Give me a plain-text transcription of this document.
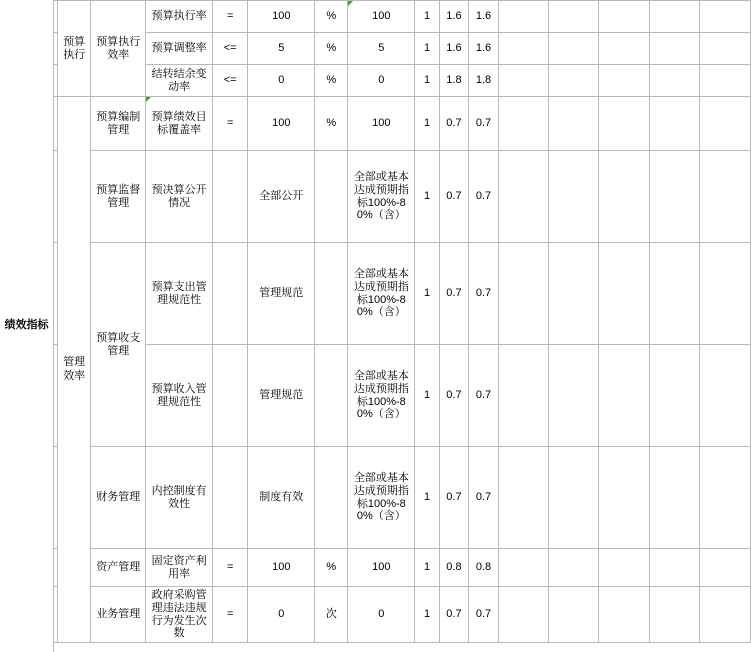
	预算执行	预算执行效率	预算执行率	=	100	%	100	1	1.6	1.6					
			预算调整率	<=	5	%	5	1	1.6	1.6					
			结转结余变动率	<=	0	%	0	1	1.8	1.8					

	管理效率	预算编制管理	预算绩效目标覆盖率	=	100	%	100	1	0.7	0.7					
		预算监督管理	预决算公开情况		全部公开		全部或基本达成预期指标100%-80%（含）	1	0.7	0.7					
		预算收支管理	预算支出管理规范性		管理规范		全部或基本达成预期指标100%-80%（含）	1	0.7	0.7					
			预算收入管理规范性		管理规范		全部或基本达成预期指标100%-80%（含）	1	0.7	0.7					
		财务管理	内控制度有效性		制度有效		全部或基本达成预期指标100%-80%（含）	1	0.7	0.7					
		资产管理	固定资产利用率	=	100	%	100	1	0.8	0.8					
		业务管理	政府采购管理违法违规行为发生次数	=	0	次	0	1	0.7	0.7					
绩效指标
